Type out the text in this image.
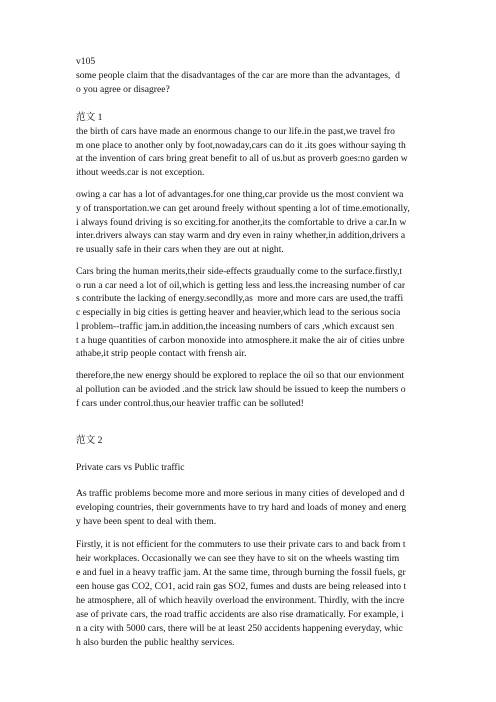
v105
some people claim that the disadvantages of the car are more than the advantages,  d
o you agree or disagree?
范文 1
the birth of cars have made an enormous change to our life.in the past,we travel fro
m one place to another only by foot,nowaday,cars can do it .its goes withour saying th
at the invention of cars bring great benefit to all of us.but as proverb goes:no garden w
ithout weeds.car is not exception.
owing a car has a lot of advantages.for one thing,car provide us the most convient wa
y of transportation.we can get around freely without spenting a lot of time.emotionally,
i always found driving is so exciting.for another,its the comfortable to drive a car.In w
inter.drivers always can stay warm and dry even in rainy whether,in addition,drivers a
re usually safe in their cars when they are out at night.
Cars bring the human merits,their side-effects graudually come to the surface.firstly,t
o run a car need a lot of oil,which is getting less and less.the increasing number of car
s contribute the lacking of energy.secondlly,as  more and more cars are used,the traffi
c especially in big cities is getting heaver and heavier,which lead to the serious socia
l problem--traffic jam.in addition,the inceasing numbers of cars ,which excaust sen
t a huge quantities of carbon monoxide into atmosphere.it make the air of cities unbre
athabe,it strip people contact with frensh air.
therefore,the new energy should be explored to replace the oil so that our envionment
al pollution can be aviоded .and the strick law should be issued to keep the numbers o
f cars under control.thus,our heavier traffic can be solluted!
范文 2
Private cars vs Public traffic
As traffic problems become more and more serious in many cities of developed and d
eveloping countries, their governments have to try hard and loads of money and energ
y have been spent to deal with them.
Firstly, it is not efficient for the commuters to use their private cars to and back from t
heir workplaces. Occasionally we can see they have to sit on the wheels wasting tim
e and fuel in a heavy traffic jam. At the same time, through burning the fossil fuels, gr
een house gas CO2, CO1, acid rain gas SO2, fumes and dusts are being released into t
he atmosphere, all of which heavily overload the environment. Thirdly, with the incre
ase of private cars, the road traffic accidents are also rise dramatically. For example, i
n a city with 5000 cars, there will be at least 250 accidents happening everyday, whic
h also burden the public healthy services.
